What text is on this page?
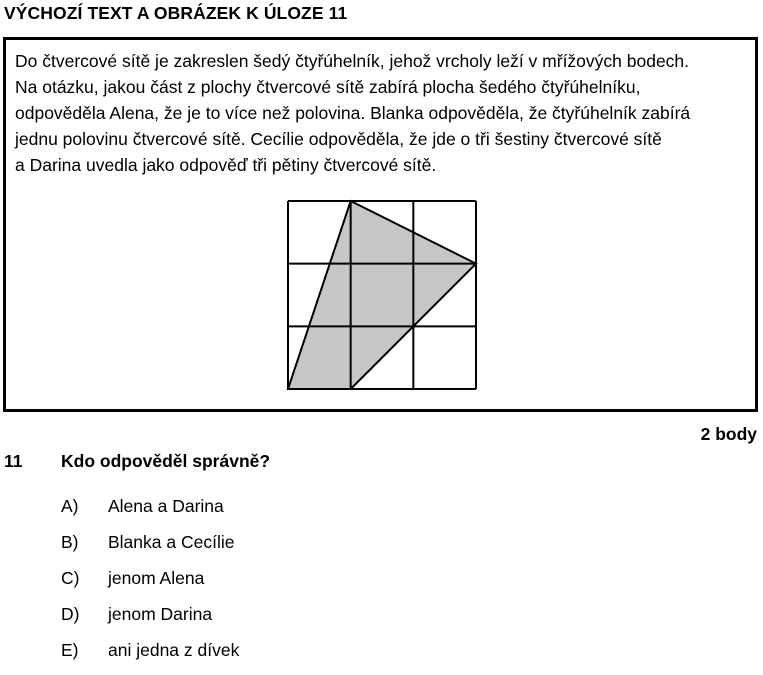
VÝCHOZÍ TEXT A OBRÁZEK K ÚLOZE 11

Do čtvercové sítě je zakreslen šedý čtyřúhelník, jehož vrcholy leží v mřížových bodech.
Na otázku, jakou část z plochy čtvercové sítě zabírá plocha šedého čtyřúhelníku,
odpověděla Alena, že je to více než polovina. Blanka odpověděla, že čtyřúhelník zabírá
jednu polovinu čtvercové sítě. Cecílie odpověděla, že jde o tři šestiny čtvercové sítě
a Darina uvedla jako odpověď tři pětiny čtvercové sítě.

2 body
11 Kdo odpověděl správně?
A) Alena a Darina
B) Blanka a Cecílie
C) jenom Alena
D) jenom Darina
E) ani jedna z dívek
